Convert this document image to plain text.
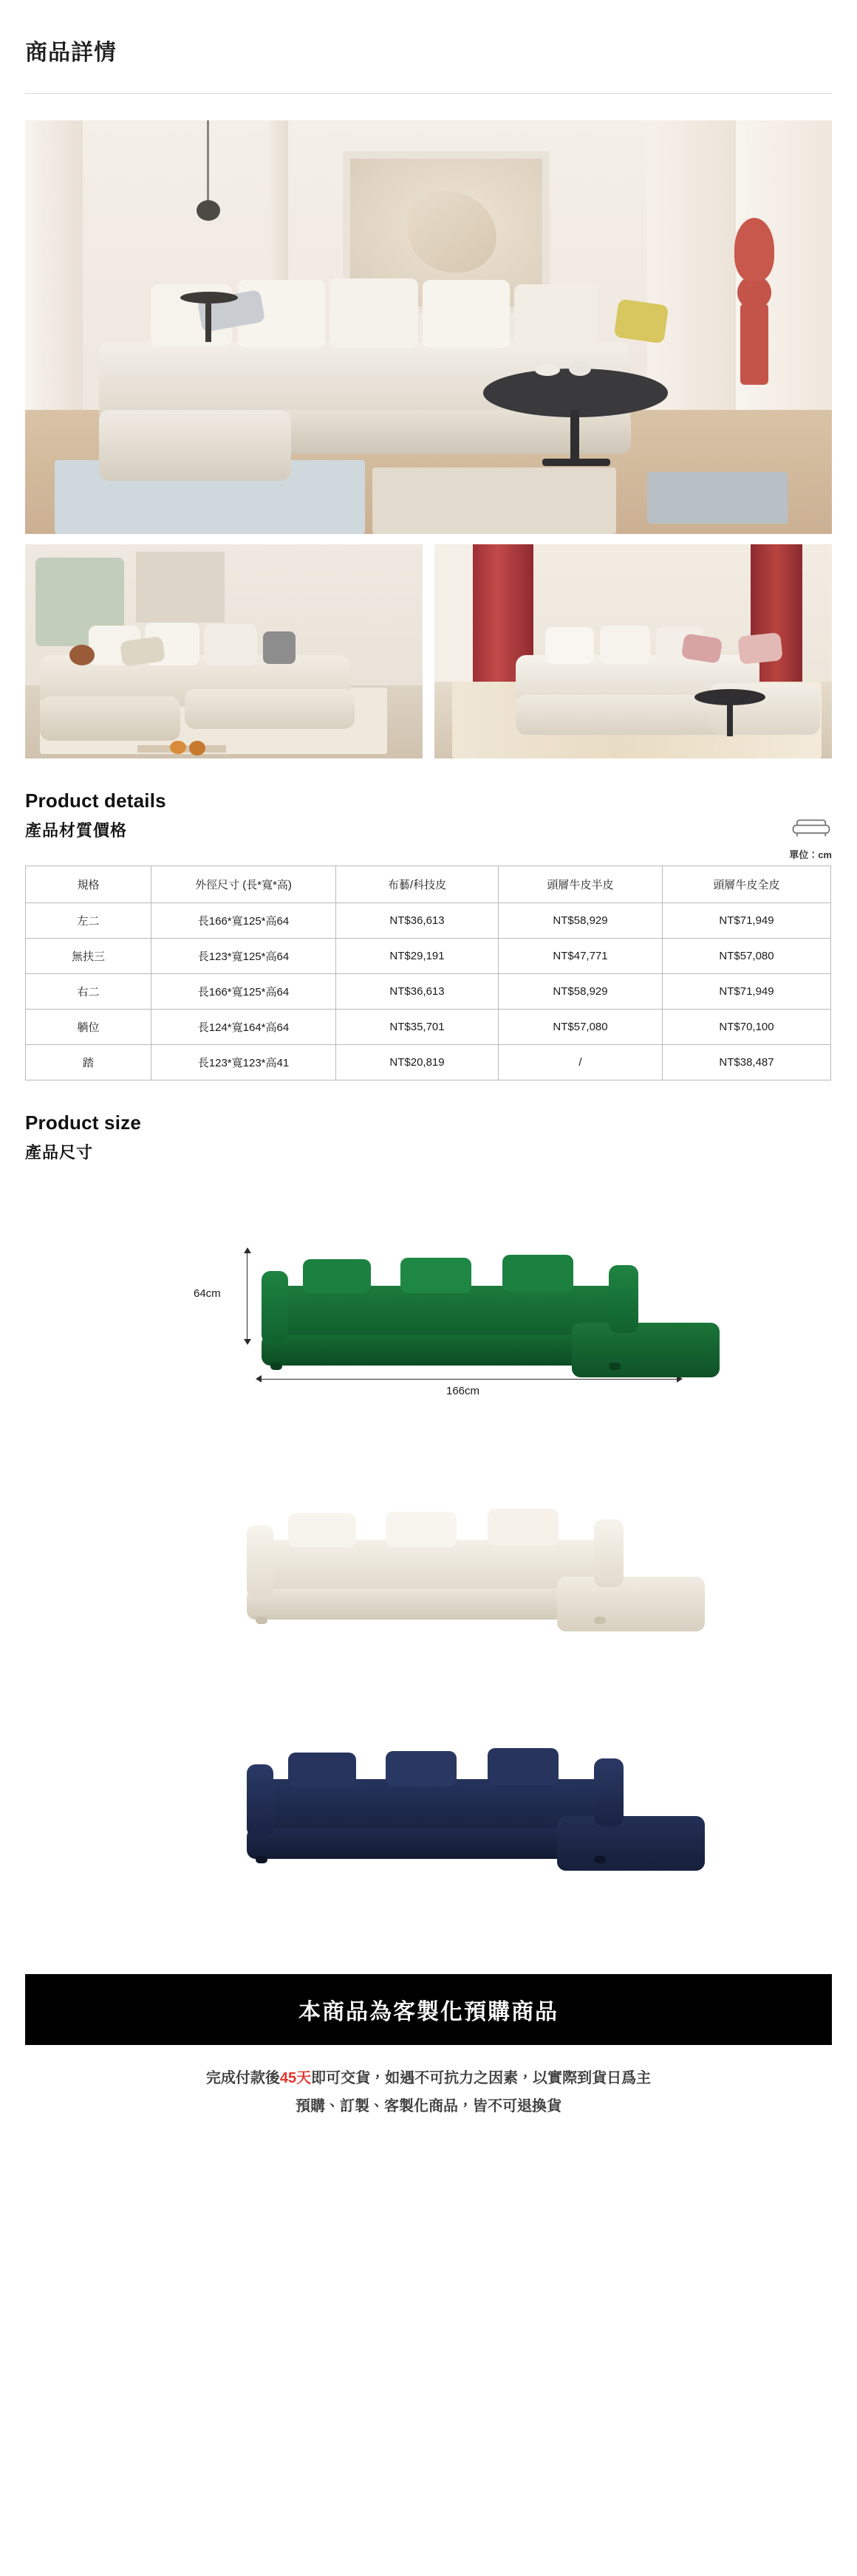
商品詳情
Product details
產品材質價格
單位：cm
規格	外徑尺寸 (長*寬*高)	布藝/科技皮	頭層牛皮半皮	頭層牛皮全皮
左二	長166*寬125*高64	NT$36,613	NT$58,929	NT$71,949
無扶三	長123*寬125*高64	NT$29,191	NT$47,771	NT$57,080
右二	長166*寬125*高64	NT$36,613	NT$58,929	NT$71,949
躺位	長124*寬164*高64	NT$35,701	NT$57,080	NT$70,100
踏	長123*寬123*高41	NT$20,819	/	NT$38,487
Product size
產品尺寸
64cm
166cm
本商品為客製化預購商品
完成付款後45天即可交貨，如遇不可抗力之因素，以實際到貨日爲主
預購、訂製、客製化商品，皆不可退換貨
